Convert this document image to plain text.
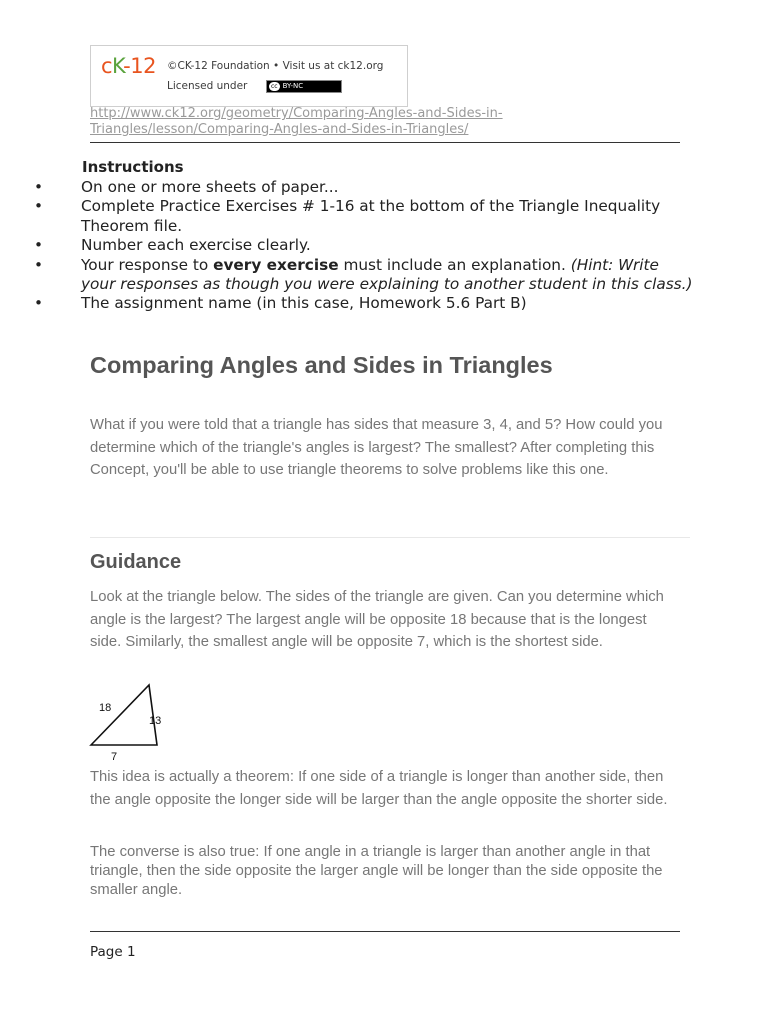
cK-12 ©CK-12 Foundation • Visit us at ck12.org
Licensed under	cc BY-NC
http://www.ck12.org/geometry/Comparing-Angles-and-Sides-in-Triangles/lesson/Comparing-Angles-and-Sides-in-Triangles/
Instructions
• On one or more sheets of paper...
• Complete Practice Exercises # 1-16 at the bottom of the Triangle Inequality Theorem file.
• Number each exercise clearly.
• Your response to every exercise must include an explanation. (Hint: Write your responses as though you were explaining to another student in this class.)
• The assignment name (in this case, Homework 5.6 Part B)
Comparing Angles and Sides in Triangles
What if you were told that a triangle has sides that measure 3, 4, and 5? How could you determine which of the triangle's angles is largest? The smallest? After completing this Concept, you'll be able to use triangle theorems to solve problems like this one.
Guidance
Look at the triangle below. The sides of the triangle are given. Can you determine which angle is the largest? The largest angle will be opposite 18 because that is the longest side. Similarly, the smallest angle will be opposite 7, which is the shortest side.
18
13
7
This idea is actually a theorem: If one side of a triangle is longer than another side, then the angle opposite the longer side will be larger than the angle opposite the shorter side.
The converse is also true: If one angle in a triangle is larger than another angle in that triangle, then the side opposite the larger angle will be longer than the side opposite the smaller angle.
Page 1
